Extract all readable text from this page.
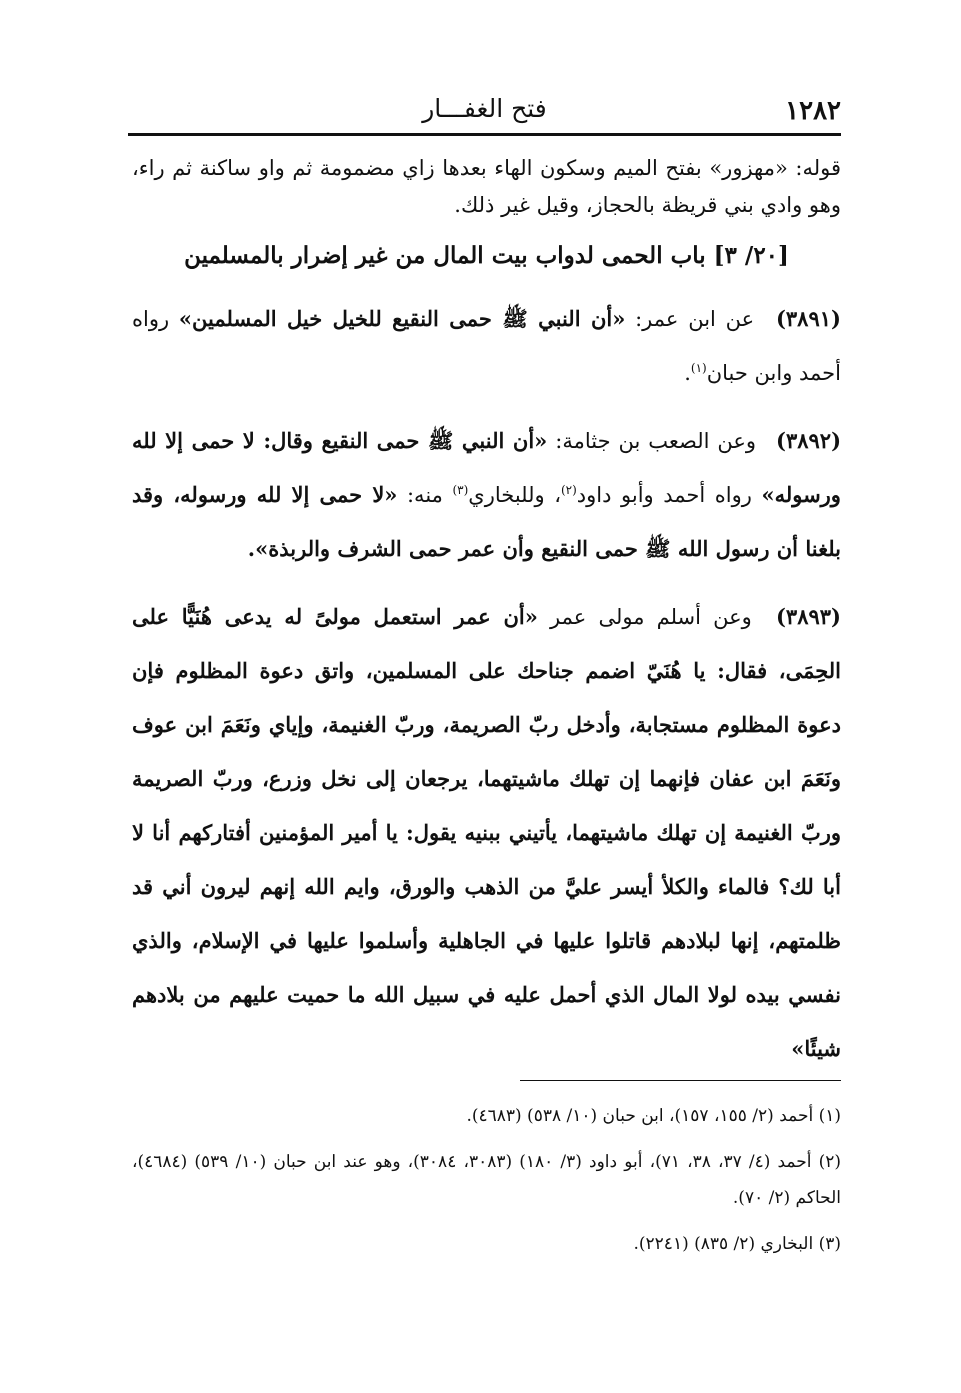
١٢٨٢
فتح الغفـــار

قوله: «مهزور» بفتح الميم وسكون الهاء بعدها زاي مضمومة ثم واو ساكنة ثم راء، وهو وادي بني قريظة بالحجاز، وقيل غير ذلك.

[٢٠/ ٣] باب الحمى لدواب بيت المال من غير إضرار بالمسلمين

(٣٨٩١) عن ابن عمر: «أن النبي ﷺ حمى النقيع للخيل خيل المسلمين» رواه أحمد وابن حبان$^{(١)}$.

(٣٨٩٢) وعن الصعب بن جثامة: «أن النبي ﷺ حمى النقيع وقال: لا حمى إلا لله ورسوله» رواه أحمد وأبو داود$^{(٢)}$، وللبخاري$^{(٣)}$ منه: «لا حمى إلا لله ورسوله، وقد بلغنا أن رسول الله ﷺ حمى النقيع وأن عمر حمى الشرف والربذة».

(٣٨٩٣) وعن أسلم مولى عمر «أن عمر استعمل مولىً له يدعى هُنَيًّا على الحِمَى، فقال: يا هُنَيّ اضمم جناحك على المسلمين، واتق دعوة المظلوم فإن دعوة المظلوم مستجابة، وأدخل ربّ الصريمة، وربّ الغنيمة، وإياي ونَعَمَ ابن عوف ونَعَمَ ابن عفان فإنهما إن تهلك ماشيتهما، يرجعان إلى نخل وزرع، وربّ الصريمة وربّ الغنيمة إن تهلك ماشيتهما، يأتيني ببنيه يقول: يا أمير المؤمنين أفتاركهم أنا لا أبا لك؟ فالماء والكلأ أيسر عليَّ من الذهب والورق، وايم الله إنهم ليرون أني قد ظلمتهم، إنها لبلادهم قاتلوا عليها في الجاهلية وأسلموا عليها في الإسلام، والذي نفسي بيده لولا المال الذي أحمل عليه في سبيل الله ما حميت عليهم من بلادهم شيئًا»

(١) أحمد (٢/ ١٥٥، ١٥٧)، ابن حبان (١٠/ ٥٣٨) (٤٦٨٣).

(٢) أحمد (٤/ ٣٧، ٣٨، ٧١)، أبو داود (٣/ ١٨٠) (٣٠٨٣، ٣٠٨٤)، وهو عند ابن حبان (١٠/ ٥٣٩) (٤٦٨٤)، الحاكم (٢/ ٧٠).

(٣) البخاري (٢/ ٨٣٥) (٢٢٤١).
